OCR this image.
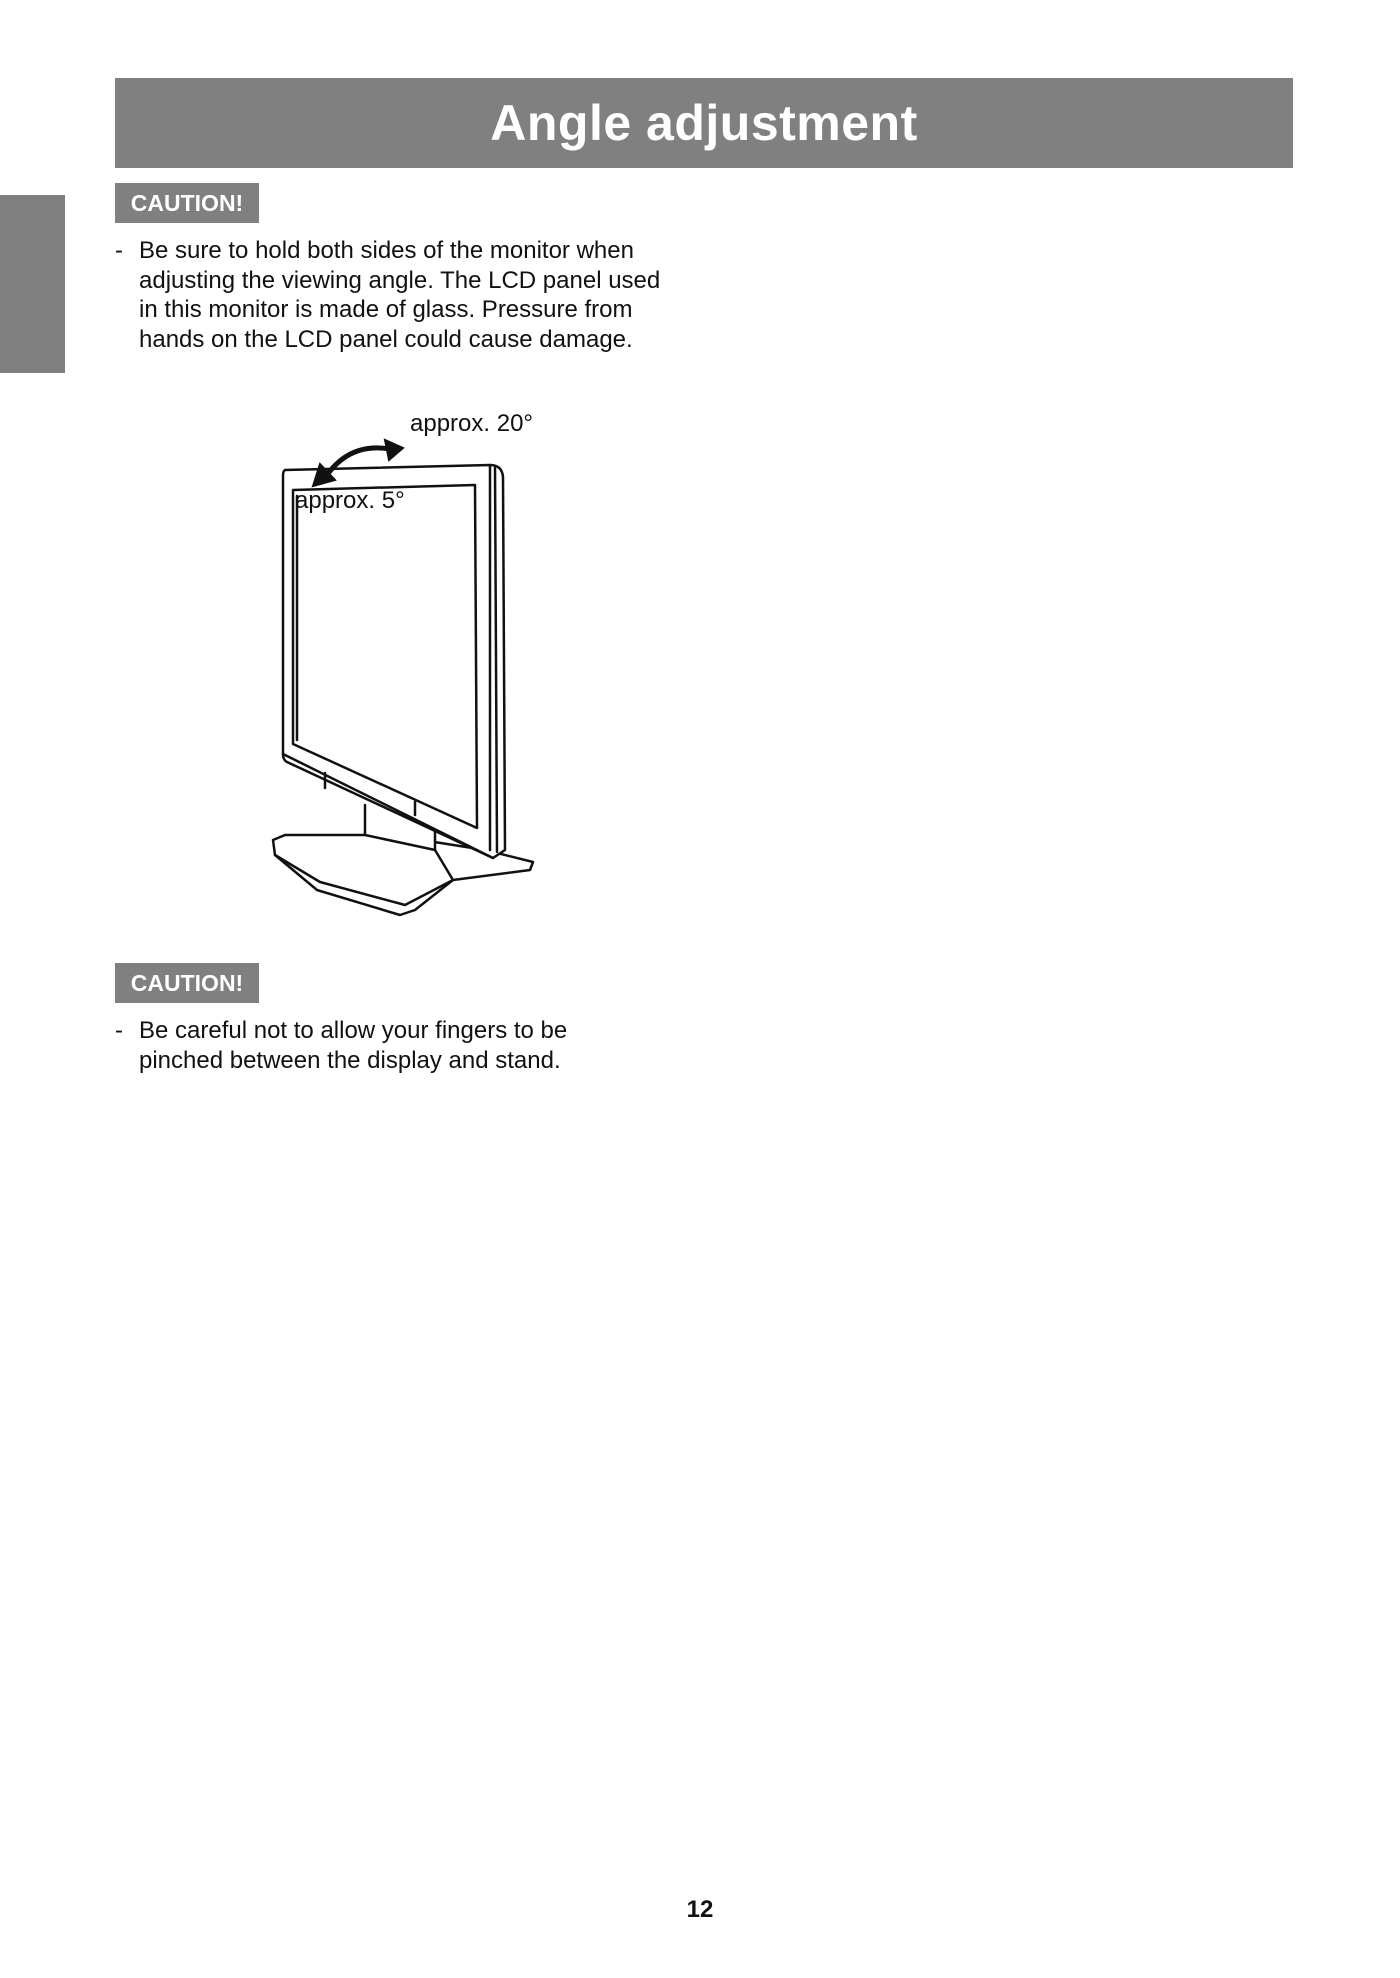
Angle adjustment
CAUTION!
- Be sure to hold both sides of the monitor when adjusting the viewing angle. The LCD panel used in this monitor is made of glass. Pressure from hands on the LCD panel could cause damage.
approx. 20°
approx. 5°
CAUTION!
- Be careful not to allow your fingers to be pinched between the display and stand.
12
